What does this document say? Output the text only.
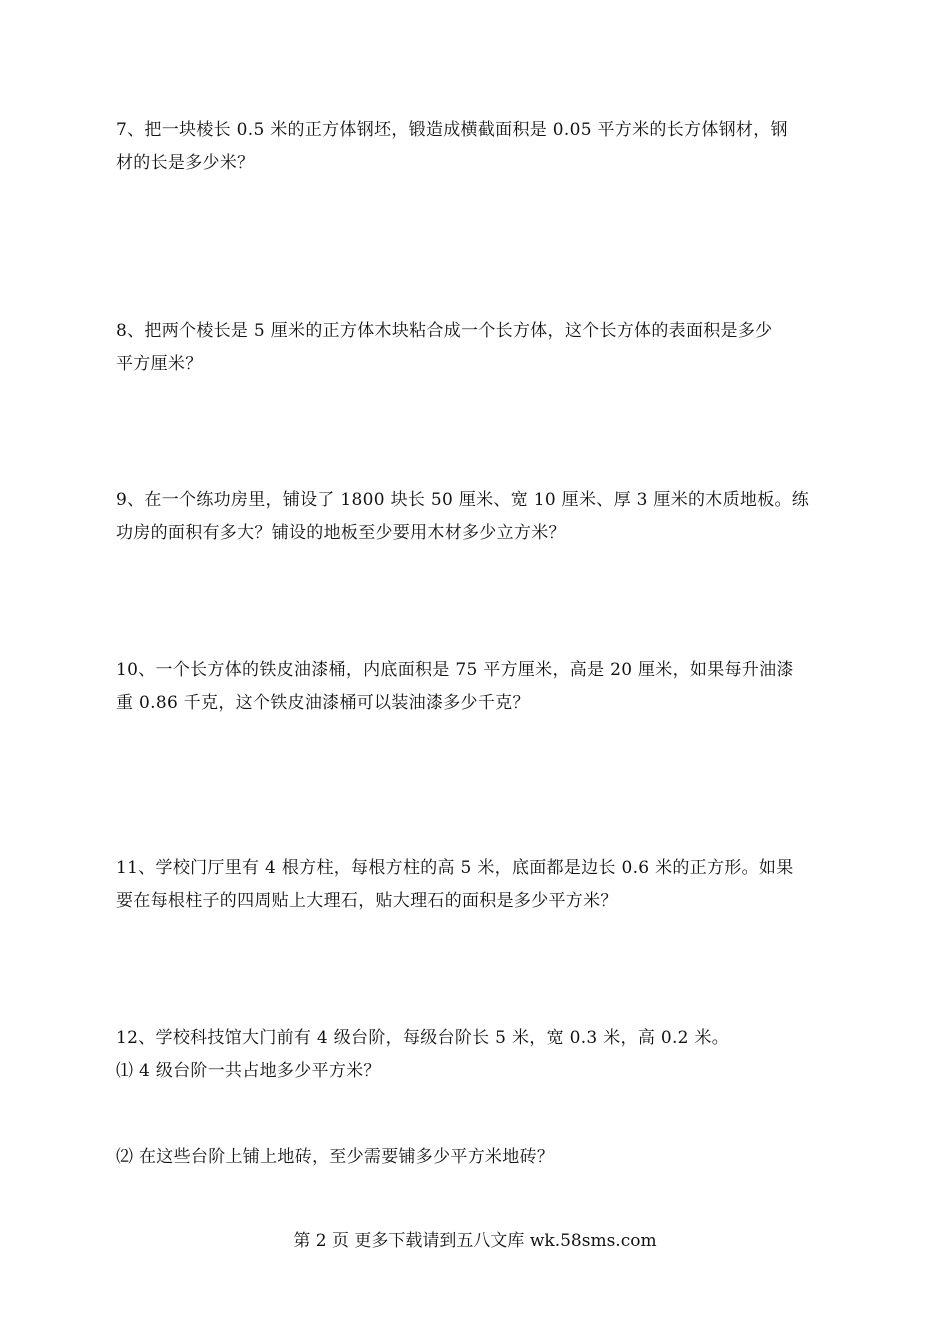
7、把一块棱长 0.5 米的正方体钢坯，锻造成横截面积是 0.05 平方米的长方体钢材，钢
材的长是多少米？
8、把两个棱长是 5 厘米的正方体木块粘合成一个长方体，这个长方体的表面积是多少
平方厘米？
9、在一个练功房里，铺设了 1800 块长 50 厘米、宽 10 厘米、厚 3 厘米的木质地板。练
功房的面积有多大？铺设的地板至少要用木材多少立方米？
10、一个长方体的铁皮油漆桶，内底面积是 75 平方厘米，高是 20 厘米，如果每升油漆
重 0.86 千克，这个铁皮油漆桶可以装油漆多少千克？
11、学校门厅里有 4 根方柱，每根方柱的高 5 米，底面都是边长 0.6 米的正方形。如果
要在每根柱子的四周贴上大理石，贴大理石的面积是多少平方米？
12、学校科技馆大门前有 4 级台阶，每级台阶长 5 米，宽 0.3 米，高 0.2 米。
⑴ 4 级台阶一共占地多少平方米？
⑵ 在这些台阶上铺上地砖，至少需要铺多少平方米地砖？
第 2 页 更多下载请到五八文库 wk.58sms.com
